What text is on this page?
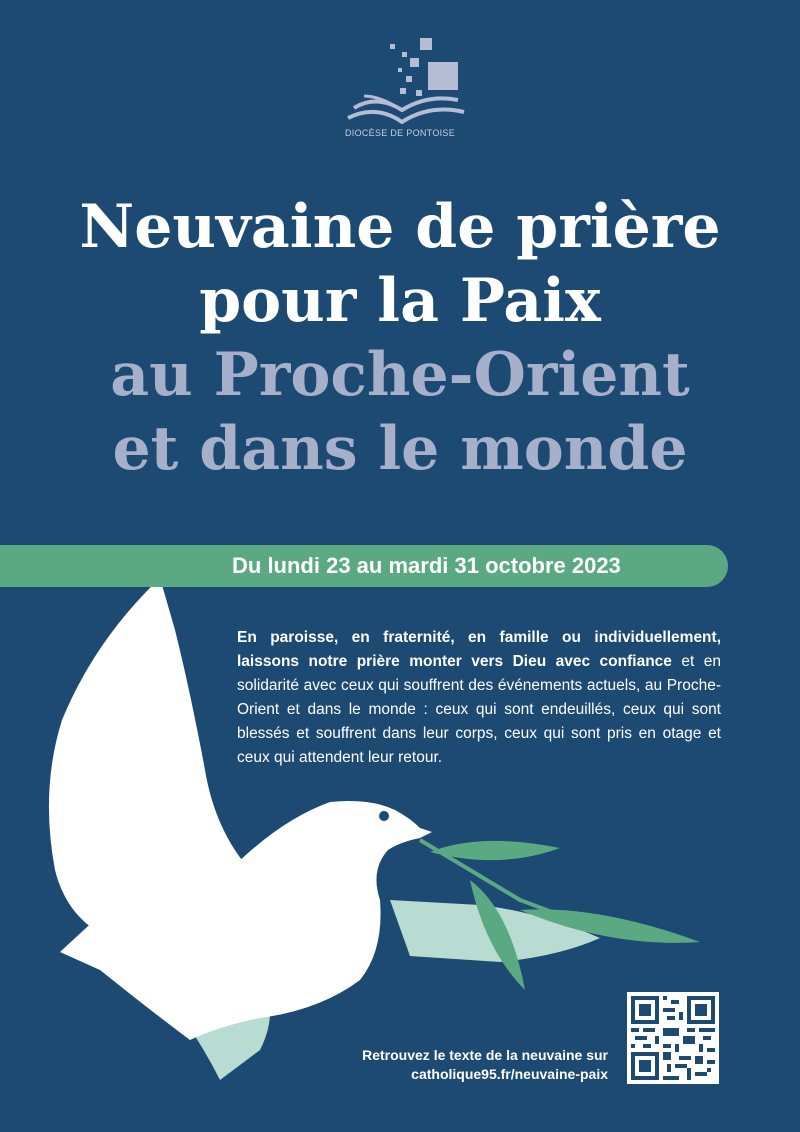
DIOCÈSE DE PONTOISE
Neuvaine de prière
pour la Paix
au Proche-Orient
et dans le monde
Du lundi 23 au mardi 31 octobre 2023
En paroisse, en fraternité, en famille ou individuellement, laissons notre prière monter vers Dieu avec confiance et en solidarité avec ceux qui souffrent des événements actuels, au Proche-Orient et dans le monde : ceux qui sont endeuillés, ceux qui sont blessés et souffrent dans leur corps, ceux qui sont pris en otage et ceux qui attendent leur retour.
Retrouvez le texte de la neuvaine sur
catholique95.fr/neuvaine-paix
